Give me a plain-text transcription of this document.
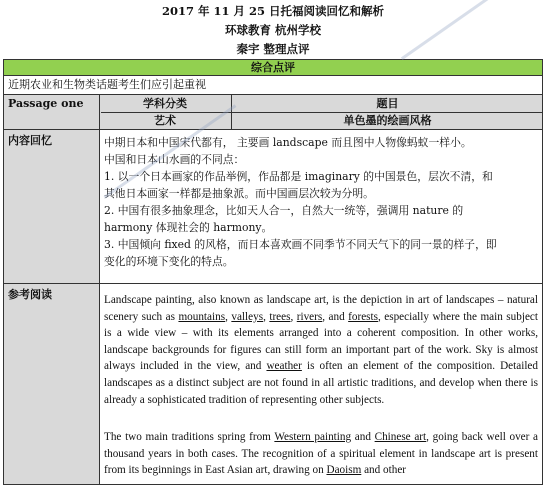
2017 年 11 月 25 日托福阅读回忆和解析
环球教育 杭州学校
秦宇 整理点评
综合点评
近期农业和生物类话题考生们应引起重视
Passage one	学科分类	题目
艺术	单色墨的绘画风格
内容回忆	中期日本和中国宋代都有， 主要画 landscape 而且图中人物像蚂蚁一样小。
中国和日本山水画的不同点：
1. 以一个日本画家的作品举例，作品都是 imaginary 的中国景色，层次不清，和
其他日本画家一样都是抽象派。而中国画层次较为分明。
2. 中国有很多抽象理念，比如天人合一，自然大一统等，强调用 nature 的
harmony 体现社会的 harmony。
3. 中国倾向 fixed 的风格，而日本喜欢画不同季节不同天气下的同一景的样子，即
变化的环境下变化的特点。
参考阅读	Landscape painting, also known as landscape art, is the depiction in art of landscapes – natural scenery such as mountains, valleys, trees, rivers, and forests, especially where the main subject is a wide view – with its elements arranged into a coherent composition. In other works, landscape backgrounds for figures can still form an important part of the work. Sky is almost always included in the view, and weather is often an element of the composition. Detailed landscapes as a distinct subject are not found in all artistic traditions, and develop when there is already a sophisticated tradition of representing other subjects.
The two main traditions spring from Western painting and Chinese art, going back well over a thousand years in both cases. The recognition of a spiritual element in landscape art is present from its beginnings in East Asian art, drawing on Daoism and other
